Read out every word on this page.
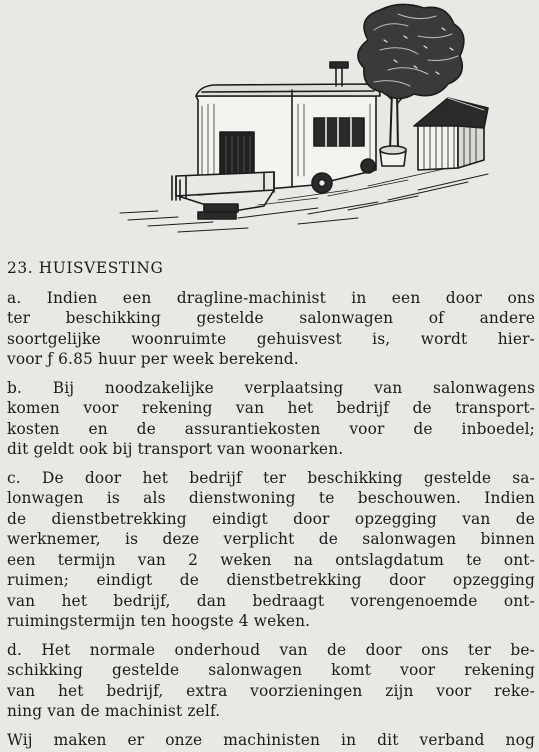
23. HUISVESTING

a. Indien een dragline-machinist in een door ons
ter beschikking gestelde salonwagen of andere
soortgelijke woonruimte gehuisvest is, wordt hier-
voor ƒ 6.85 huur per week berekend.

b. Bij noodzakelijke verplaatsing van salonwagens
komen voor rekening van het bedrijf de transport-
kosten en de assurantiekosten voor de inboedel;
dit geldt ook bij transport van woonarken.

c. De door het bedrijf ter beschikking gestelde sa-
lonwagen is als dienstwoning te beschouwen. Indien
de dienstbetrekking eindigt door opzegging van de
werknemer, is deze verplicht de salonwagen binnen
een termijn van 2 weken na ontslagdatum te ont-
ruimen; eindigt de dienstbetrekking door opzegging
van het bedrijf, dan bedraagt vorengenoemde ont-
ruimingstermijn ten hoogste 4 weken.

d. Het normale onderhoud van de door ons ter be-
schikking gestelde salonwagen komt voor rekening
van het bedrijf, extra voorzieningen zijn voor reke-
ning van de machinist zelf.

Wij maken er onze machinisten in dit verband nog
